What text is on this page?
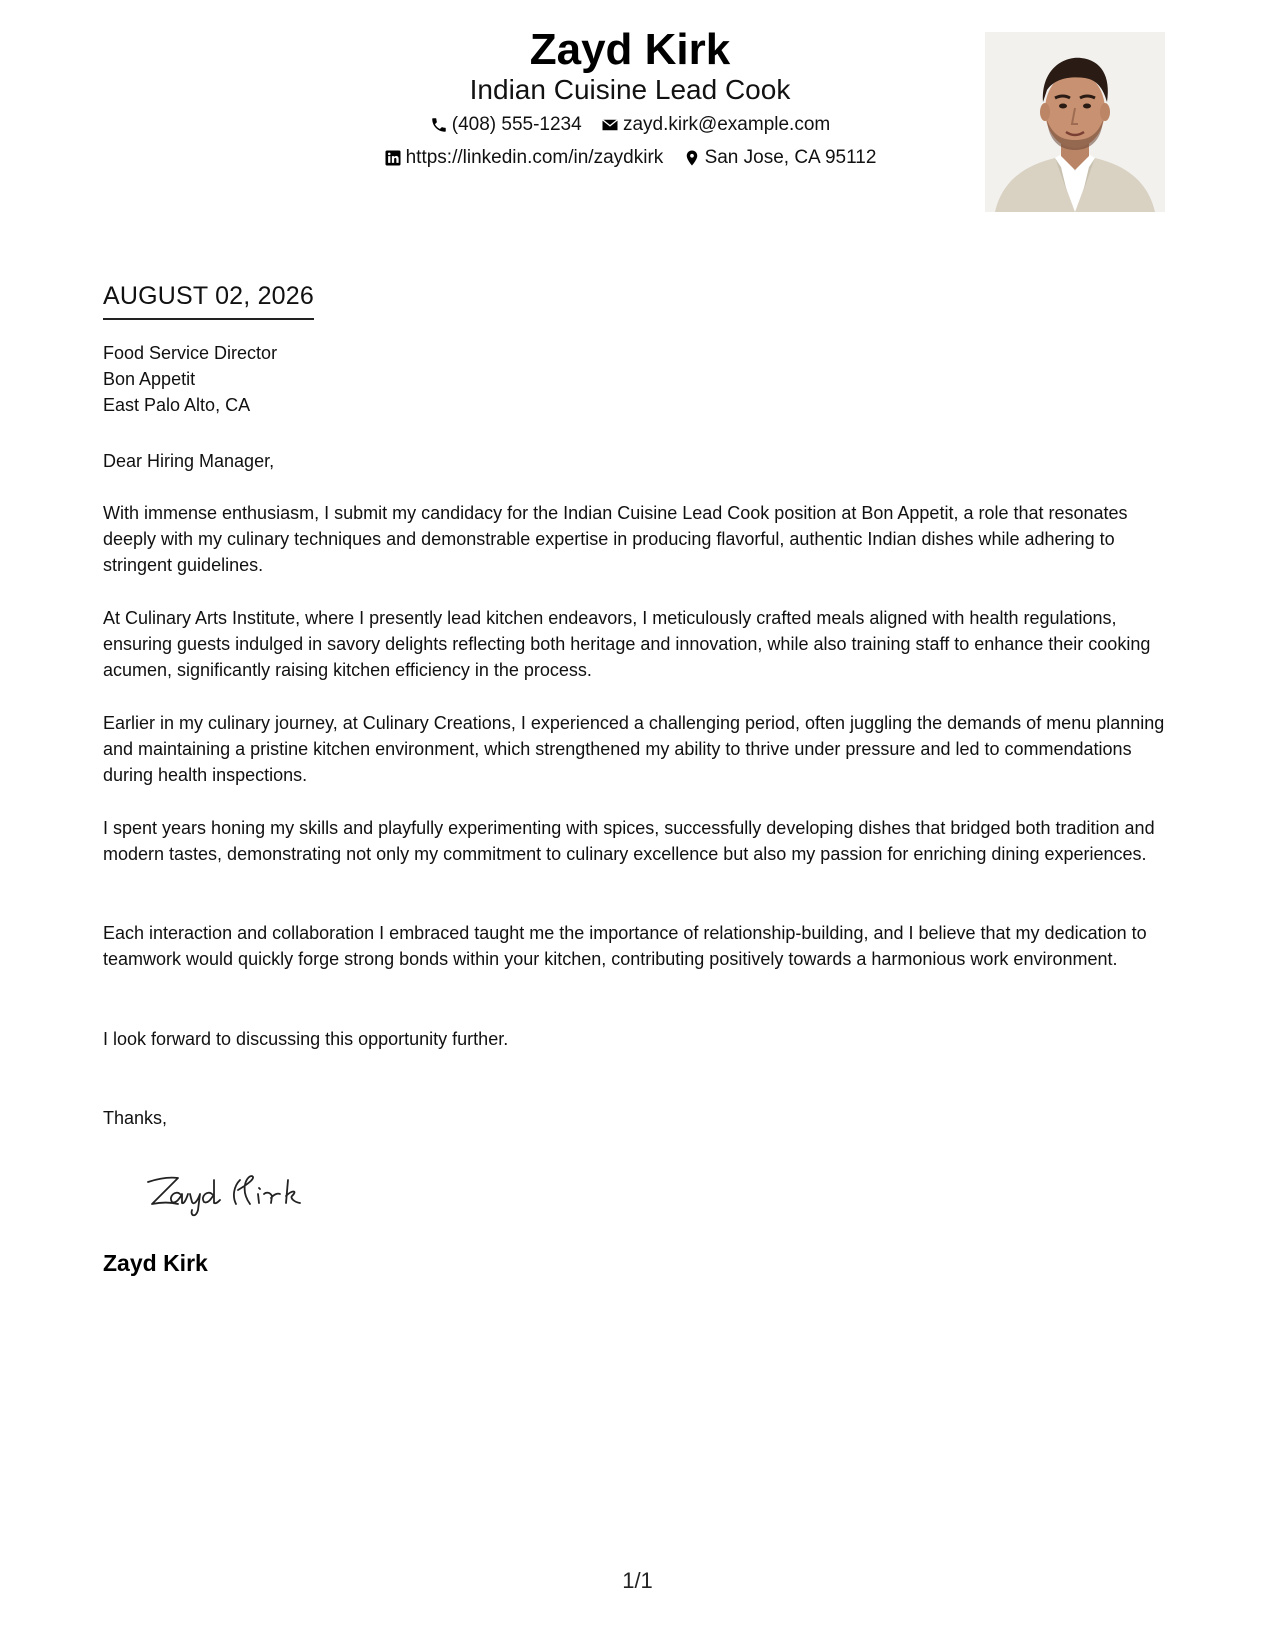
Zayd Kirk
Indian Cuisine Lead Cook
(408) 555-1234
zayd.kirk@example.com
https://linkedin.com/in/zaydkirk
San Jose, CA 95112
AUGUST 02, 2026
Food Service Director
Bon Appetit
East Palo Alto, CA
Dear Hiring Manager,
With immense enthusiasm, I submit my candidacy for the Indian Cuisine Lead Cook position at Bon Appetit, a role that resonates deeply with my culinary techniques and demonstrable expertise in producing flavorful, authentic Indian dishes while adhering to stringent guidelines.
At Culinary Arts Institute, where I presently lead kitchen endeavors, I meticulously crafted meals aligned with health regulations, ensuring guests indulged in savory delights reflecting both heritage and innovation, while also training staff to enhance their cooking acumen, significantly raising kitchen efficiency in the process.
Earlier in my culinary journey, at Culinary Creations, I experienced a challenging period, often juggling the demands of menu planning and maintaining a pristine kitchen environment, which strengthened my ability to thrive under pressure and led to commendations during health inspections.
I spent years honing my skills and playfully experimenting with spices, successfully developing dishes that bridged both tradition and modern tastes, demonstrating not only my commitment to culinary excellence but also my passion for enriching dining experiences.
Each interaction and collaboration I embraced taught me the importance of relationship-building, and I believe that my dedication to teamwork would quickly forge strong bonds within your kitchen, contributing positively towards a harmonious work environment.
I look forward to discussing this opportunity further.
Thanks,
Zayd Kirk
1/1
